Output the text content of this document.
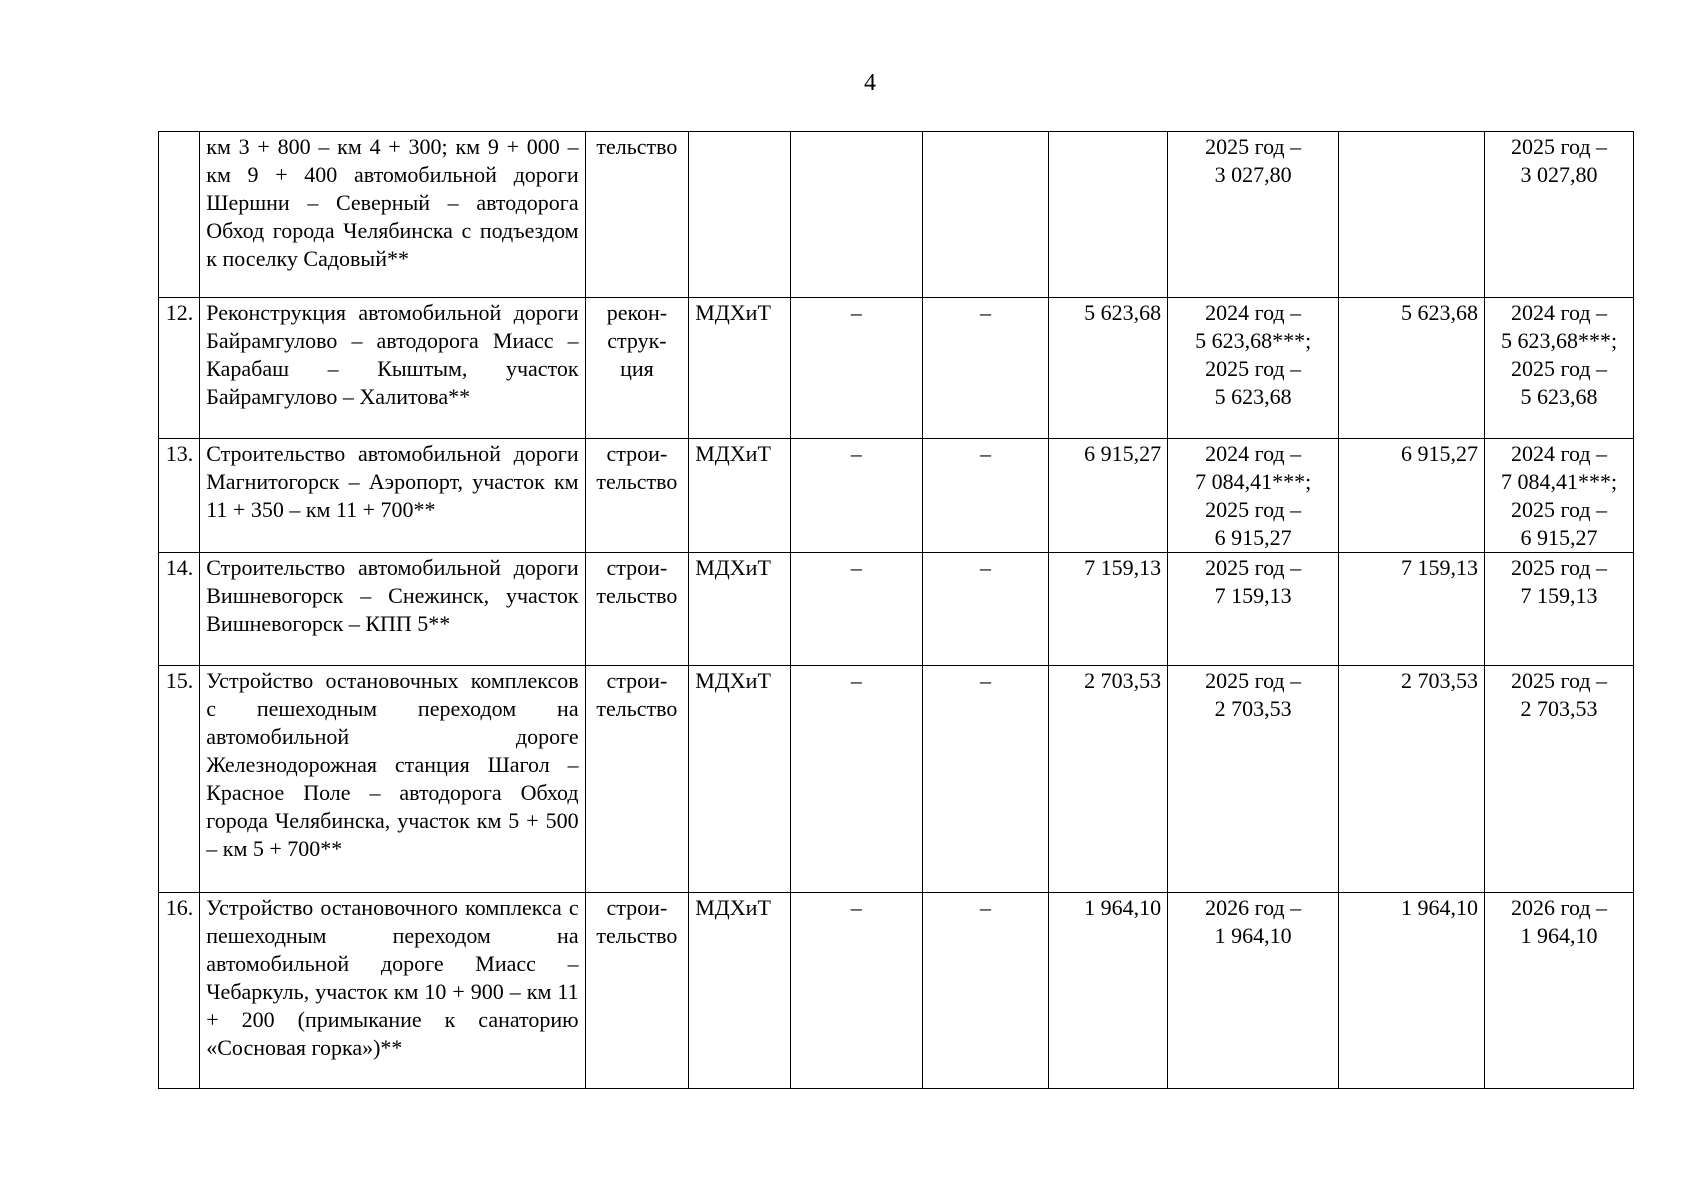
4
	км 3 + 800 – км 4 + 300; км 9 + 000 – км 9 + 400 автомобильной дороги Шершни – Северный – автодорога Обход города Челябинска с подъездом к поселку Садовый**	тельство					2025 год –
3 027,80		2025 год –
3 027,80

12.	Реконструкция автомобильной дороги Байрамгулово – автодорога Миасс – Карабаш – Кыштым, участок Байрамгулово – Халитова**	рекон-
струк-
ция	МДХиТ	–	–	5 623,68	2024 год –
5 623,68***;
2025 год –
5 623,68	5 623,68	2024 год –
5 623,68***;
2025 год –
5 623,68

13.	Строительство автомобильной дороги Магнитогорск – Аэропорт, участок км 11 + 350 – км 11 + 700**	строи-
тельство	МДХиТ	–	–	6 915,27	2024 год –
7 084,41***;
2025 год –
6 915,27	6 915,27	2024 год –
7 084,41***;
2025 год –
6 915,27

14.	Строительство автомобильной дороги Вишневогорск – Снежинск, участок Вишневогорск – КПП 5**	строи-
тельство	МДХиТ	–	–	7 159,13	2025 год –
7 159,13	7 159,13	2025 год –
7 159,13

15.	Устройство остановочных комплексов с пешеходным переходом на автомобильной дороге Железнодорожная станция Шагол – Красное Поле – автодорога Обход города Челябинска, участок км 5 + 500 – км 5 + 700**	строи-
тельство	МДХиТ	–	–	2 703,53	2025 год –
2 703,53	2 703,53	2025 год –
2 703,53

16.	Устройство остановочного комплекса с пешеходным переходом на автомобильной дороге Миасс – Чебаркуль, участок км 10 + 900 – км 11 + 200 (примыкание к санаторию «Сосновая горка»)**	строи-
тельство	МДХиТ	–	–	1 964,10	2026 год –
1 964,10	1 964,10	2026 год –
1 964,10
